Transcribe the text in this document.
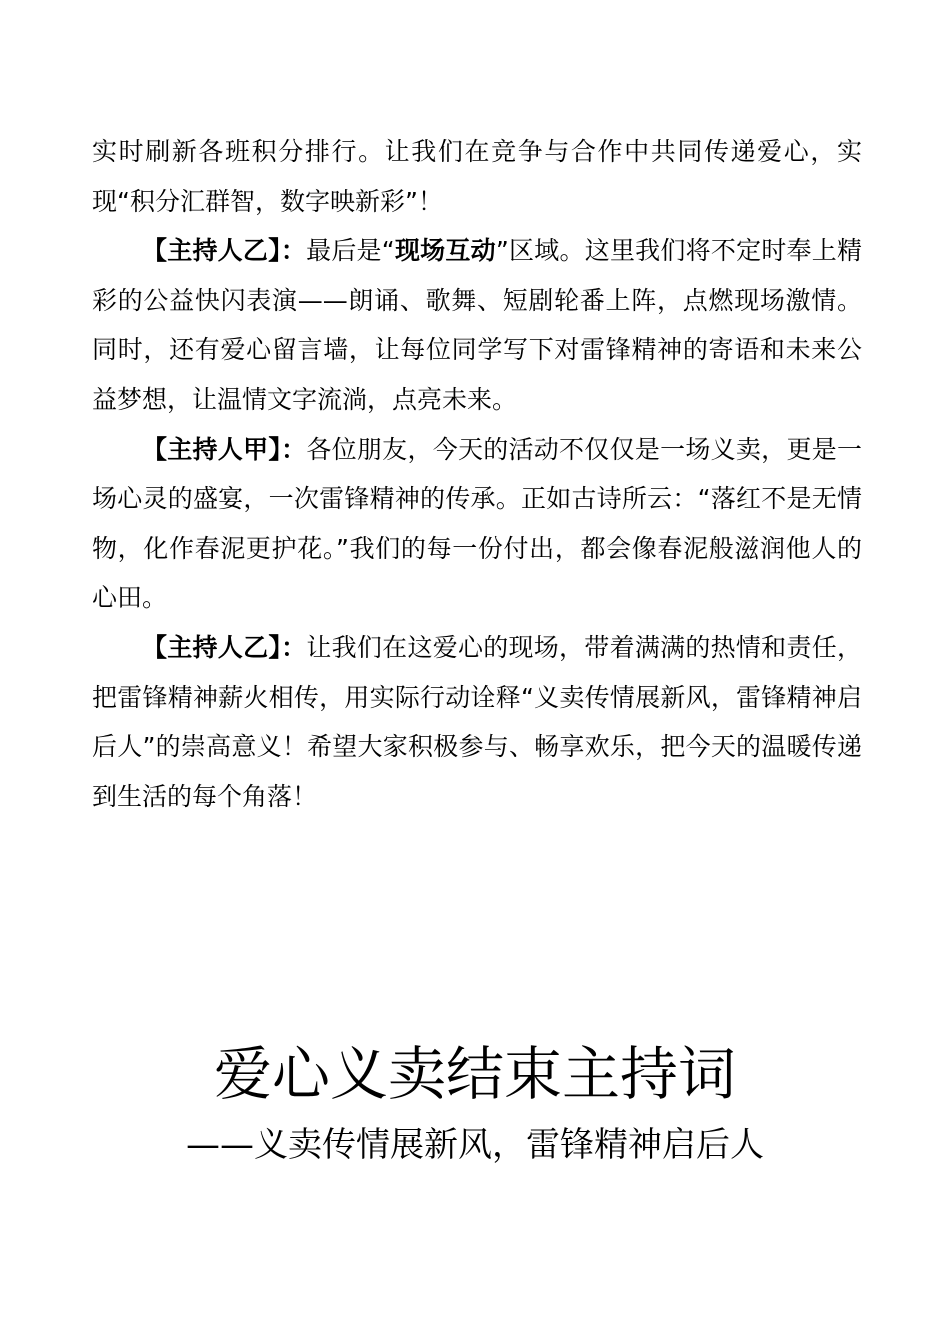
实时刷新各班积分排行。让我们在竞争与合作中共同传递爱心，实现“积分汇群智，数字映新彩”！

【主持人乙】：最后是“现场互动”区域。这里我们将不定时奉上精彩的公益快闪表演——朗诵、歌舞、短剧轮番上阵，点燃现场激情。同时，还有爱心留言墙，让每位同学写下对雷锋精神的寄语和未来公益梦想，让温情文字流淌，点亮未来。

【主持人甲】：各位朋友，今天的活动不仅仅是一场义卖，更是一场心灵的盛宴，一次雷锋精神的传承。正如古诗所云：“落红不是无情物，化作春泥更护花。”我们的每一份付出，都会像春泥般滋润他人的心田。

【主持人乙】：让我们在这爱心的现场，带着满满的热情和责任，把雷锋精神薪火相传，用实际行动诠释“义卖传情展新风，雷锋精神启后人”的崇高意义！希望大家积极参与、畅享欢乐，把今天的温暖传递到生活的每个角落！

爱心义卖结束主持词
——义卖传情展新风，雷锋精神启后人
